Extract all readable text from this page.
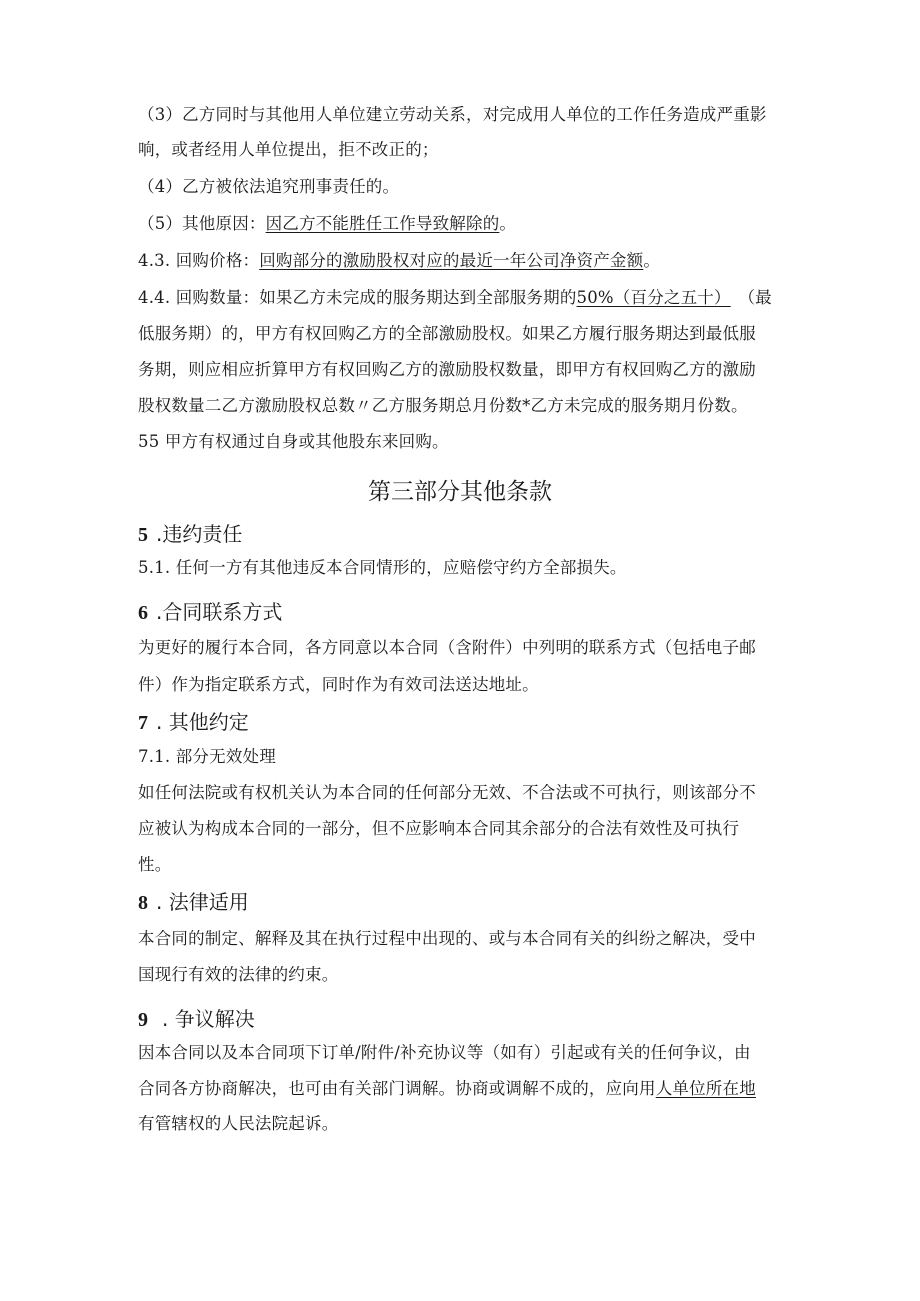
（3）乙方同时与其他用人单位建立劳动关系，对完成用人单位的工作任务造成严重影
响，或者经用人单位提出，拒不改正的；
（4）乙方被依法追究刑事责任的。
（5）其他原因：因乙方不能胜任工作导致解除的。
4.3. 回购价格：回购部分的激励股权对应的最近一年公司净资产金额。
4.4. 回购数量：如果乙方未完成的服务期达到全部服务期的50%（百分之五十） （最
低服务期）的，甲方有权回购乙方的全部激励股权。如果乙方履行服务期达到最低服
务期，则应相应折算甲方有权回购乙方的激励股权数量，即甲方有权回购乙方的激励
股权数量二乙方激励股权总数〃乙方服务期总月份数*乙方未完成的服务期月份数。
55 甲方有权通过自身或其他股东来回购。
第三部分其他条款
5 .违约责任
5.1. 任何一方有其他违反本合同情形的，应赔偿守约方全部损失。
6 .合同联系方式
为更好的履行本合同，各方同意以本合同（含附件）中列明的联系方式（包括电子邮
件）作为指定联系方式，同时作为有效司法送达地址。
7 . 其他约定
7.1. 部分无效处理
如任何法院或有权机关认为本合同的任何部分无效、不合法或不可执行，则该部分不
应被认为构成本合同的一部分，但不应影响本合同其余部分的合法有效性及可执行
性。
8 . 法律适用
本合同的制定、解释及其在执行过程中出现的、或与本合同有关的纠纷之解决，受中
国现行有效的法律的约束。
9 . 争议解决
因本合同以及本合同项下订单/附件/补充协议等（如有）引起或有关的任何争议，由
合同各方协商解决，也可由有关部门调解。协商或调解不成的，应向用人单位所在地
有管辖权的人民法院起诉。
